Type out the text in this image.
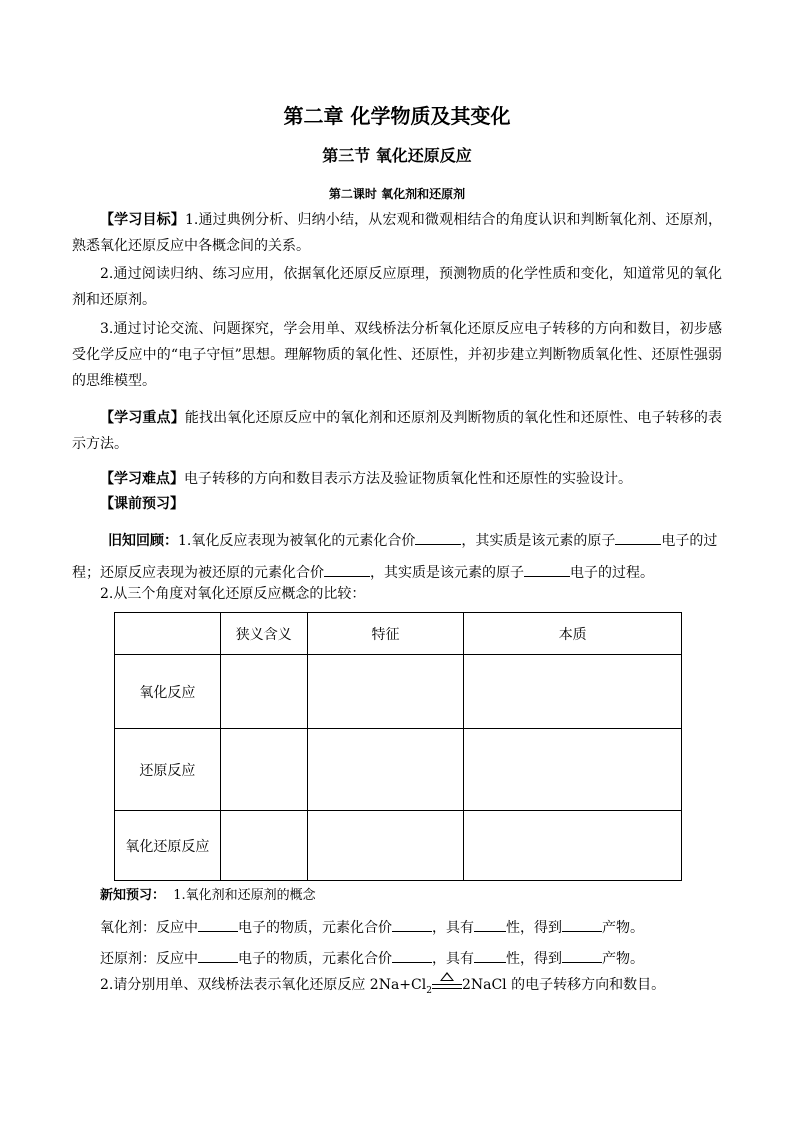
第二章 化学物质及其变化
第三节 氧化还原反应
第二课时 氧化剂和还原剂
【学习目标】1.通过典例分析、归纳小结，从宏观和微观相结合的角度认识和判断氧化剂、还原剂，熟悉氧化还原反应中各概念间的关系。
2.通过阅读归纳、练习应用，依据氧化还原反应原理，预测物质的化学性质和变化，知道常见的氧化剂和还原剂。
3.通过讨论交流、问题探究，学会用单、双线桥法分析氧化还原反应电子转移的方向和数目，初步感受化学反应中的“电子守恒”思想。理解物质的氧化性、还原性，并初步建立判断物质氧化性、还原性强弱的思维模型。
【学习重点】能找出氧化还原反应中的氧化剂和还原剂及判断物质的氧化性和还原性、电子转移的表示方法。
【学习难点】电子转移的方向和数目表示方法及验证物质氧化性和还原性的实验设计。
【课前预习】
旧知回顾：1.氧化反应表现为被氧化的元素化合价	，其实质是该元素的原子	电子的过
程；还原反应表现为被还原的元素化合价	，其实质是该元素的原子	电子的过程。
2.从三个角度对氧化还原反应概念的比较：
	狭义含义	特征	本质
氧化反应			
还原反应			
氧化还原反应			
新知预习： 1.氧化剂和还原剂的概念
氧化剂：反应中	电子的物质，元素化合价	，具有 性，得到	产物。
还原剂：反应中	电子的物质，元素化合价	，具有 性，得到	产物。
2.请分别用单、双线桥法表示氧化还原反应 $2Na+Cl_2$ 2NaCl 的电子转移方向和数目。
